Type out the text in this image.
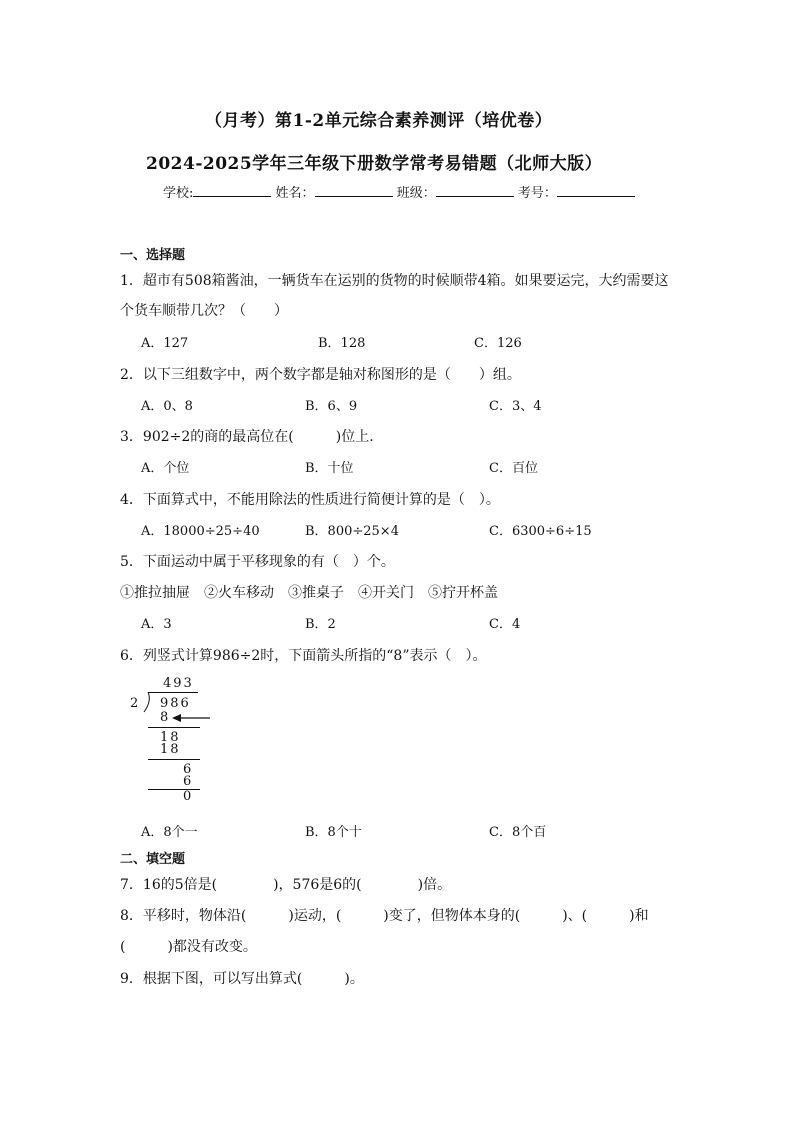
（月考）第1-2单元综合素养测评（培优卷）
2024-2025学年三年级下册数学常考易错题（北师大版）
学校:	姓名：	班级：	考号：
一、选择题
1．超市有508箱酱油，一辆货车在运别的货物的时候顺带4箱。如果要运完，大约需要这
个货车顺带几次？（　　）
A．127	B．128	C．126
2．以下三组数字中，两个数字都是轴对称图形的是（　　）组。
A．0、8	B．6、9	C．3、4
3．902÷2的商的最高位在(　　　)位上.
A．个位	B．十位	C．百位
4．下面算式中，不能用除法的性质进行简便计算的是（　）。
A．18000÷25÷40	B．800÷25×4	C．6300÷6÷15
5．下面运动中属于平移现象的有（　）个。
①推拉抽屉　②火车移动　③推桌子　④开关门　⑤拧开杯盖
A．3	B．2	C．4
6．列竖式计算986÷2时，下面箭头所指的“8”表示（　）。
493
2 986
8
18
18
6
6
0
A．8个一	B．8个十	C．8个百
二、填空题
7．16的5倍是(　　　　)，576是6的(　　　　)倍。
8．平移时，物体沿(　　　)运动，(　　　)变了，但物体本身的(　　　)、(　　　)和
(　　　)都没有改变。
9．根据下图，可以写出算式(　　　)。
